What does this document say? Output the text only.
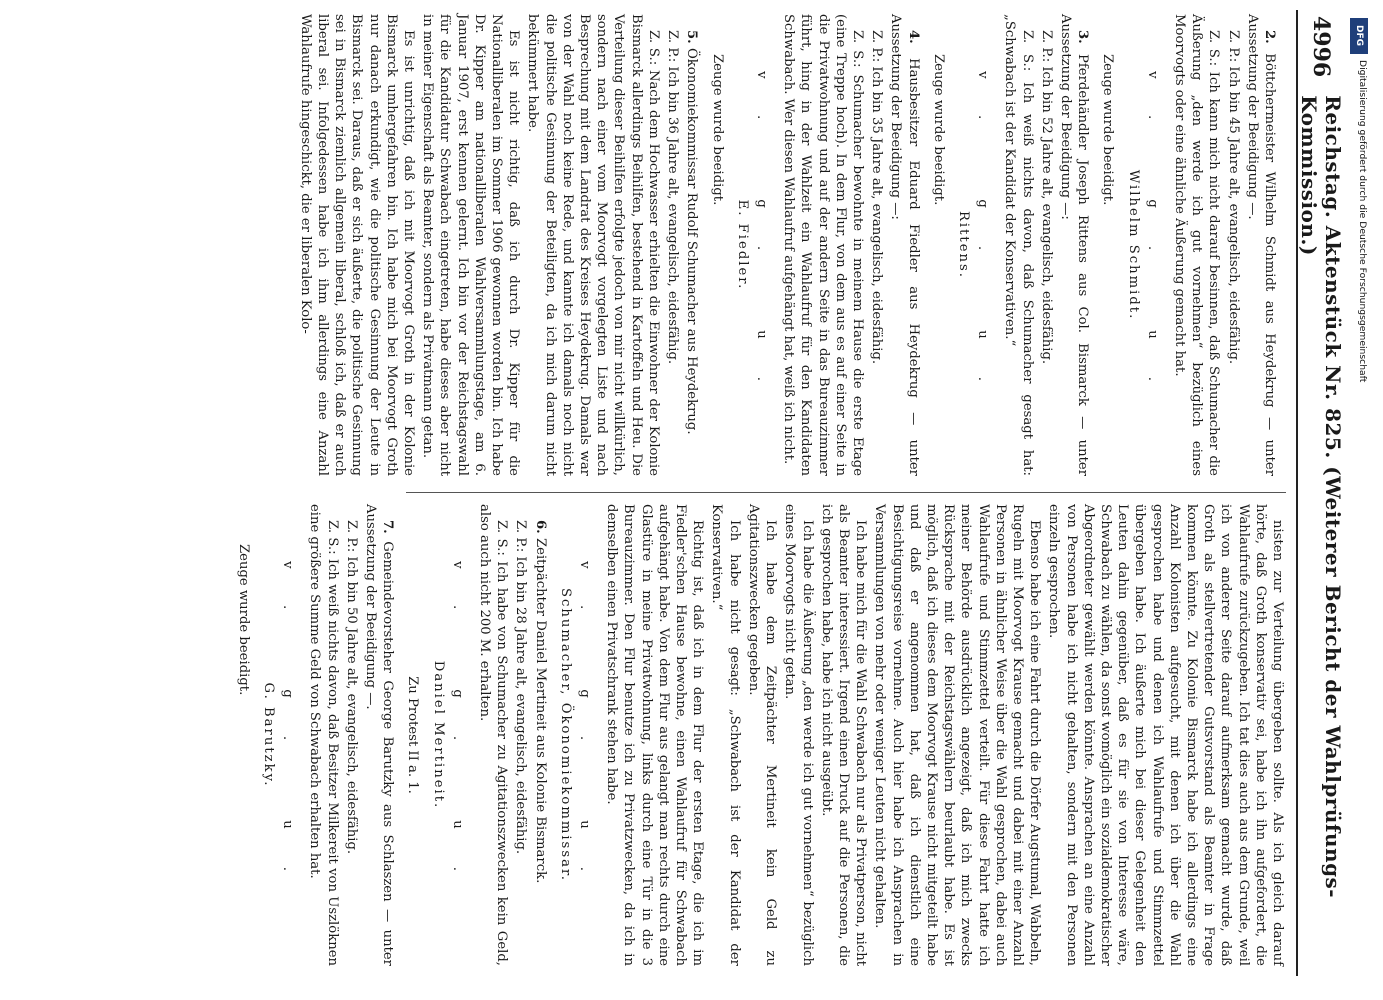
4996
Reichstag. Aktenstück Nr. 825. (Weiterer Bericht der Wahlprüfungs-Kommission.)
2. Böttchermeister Wilhelm Schmidt aus Heydekrug — unter Aussetzung der Beeidigung —.
Z. P.: Ich bin 45 Jahre alt, evangelisch, eidesfähig.
Z. S.: Ich kann mich nicht darauf besinnen, daß Schumacher die Äußerung „den werde ich gut vornehmen“ bezüglich eines Moorvogts oder eine ähnliche Äußerung gemacht hat.
v. g. u.
Wilhelm Schmidt.
Zeuge wurde beeidigt.
3. Pferdehändler Joseph Rittens aus Col. Bismarck — unter Aussetzung der Beeidigung —:
Z. P.: Ich bin 52 Jahre alt, evangelisch, eidesfähig.
Z. S.: Ich weiß nichts davon, daß Schumacher gesagt hat: „Schwabach ist der Kandidat der Konservativen.“
v. g. u.
Rittens.
Zeuge wurde beeidigt.
4. Hausbesitzer Eduard Fiedler aus Heydekrug — unter Aussetzung der Beeidigung —:
Z. P.: Ich bin 35 Jahre alt, evangelisch, eidesfähig.
Z. S.: Schumacher bewohnte in meinem Hause die erste Etage (eine Treppe hoch). In dem Flur, von dem aus es auf einer Seite in die Privatwohnung und auf der andern Seite in das Bureauzimmer führt, hing in der Wahlzeit ein Wahlaufruf für den Kandidaten Schwabach. Wer diesen Wahlaufruf aufgehängt hat, weiß ich nicht.
v. g. u.
E. Fiedler.
Zeuge wurde beeidigt.
5. Ökonomiekommissar Rudolf Schumacher aus Heydekrug.
Z. P.: Ich bin 36 Jahre alt, evangelisch, eidesfähig.
Z. S.: Nach dem Hochwasser erhielten die Einwohner der Kolonie Bismarck allerdings Beihilfen, bestehend in Kartoffeln und Heu. Die Verteilung dieser Beihilfen erfolgte jedoch von mir nicht willkürlich, sondern nach einer vom Moorvogt vorgelegten Liste und nach Besprechung mit dem Landrat des Kreises Heydekrug. Damals war von der Wahl noch keine Rede, und kannte ich damals noch nicht die politische Gesinnung der Beteiligten, da ich mich darum nicht bekümmert habe.
Es ist nicht richtig, daß ich durch Dr. Kipper für die Nationalliberalen im Sommer 1906 gewonnen worden bin. Ich habe Dr. Kipper am nationalliberalen Wahlversammlungstage, am 6. Januar 1907, erst kennen gelernt. Ich bin vor der Reichstagswahl für die Kandidatur Schwabach eingetreten, habe dieses aber nicht in meiner Eigenschaft als Beamter, sondern als Privatmann getan.
Es ist unrichtig, daß ich mit Moorvogt Groth in der Kolonie Bismarck umhergefahren bin. Ich habe mich bei Moorvogt Groth nur danach erkundigt, wie die politische Gesinnung der Leute in Bismarck sei. Daraus, daß er sich äußerte, die politische Gesinnung sei in Bismarck ziemlich allgemein liberal, schloß ich, daß er auch liberal sei. Infolgedessen habe ich ihm allerdings eine Anzahl Wahlaufrufe hingeschickt, die er liberalen Kolo-
nisten zur Verteilung übergeben sollte. Als ich gleich darauf hörte, daß Groth konservativ sei, habe ich ihn aufgefordert, die Wahlaufrufe zurückzugeben. Ich tat dies auch aus dem Grunde, weil ich von anderer Seite darauf aufmerksam gemacht wurde, daß Groth als stellvertretender Gutsvorstand als Beamter in Frage kommen könnte. Zu Kolonie Bismarck habe ich allerdings eine Anzahl Kolonisten aufgesucht, mit denen ich über die Wahl gesprochen habe und denen ich Wahlaufrufe und Stimmzettel übergeben habe. Ich äußerte mich bei dieser Gelegenheit den Leuten dahin gegenüber, daß es für sie von Interesse wäre, Schwabach zu wählen, da sonst womöglich ein sozialdemokratischer Abgeordneter gewählt werden könnte. Ansprachen an eine Anzahl von Personen habe ich nicht gehalten, sondern mit den Personen einzeln gesprochen.
Ebenso habe ich eine Fahrt durch die Dörfer Augstumal, Wabbeln, Rugeln mit Moorvogt Krause gemacht und dabei mit einer Anzahl Personen in ähnlicher Weise über die Wahl gesprochen, dabei auch Wahlaufrufe und Stimmzettel verteilt. Für diese Fahrt hatte ich meiner Behörde ausdrücklich angezeigt, daß ich mich zwecks Rücksprache mit der Reichstagswählern beurlaubt habe. Es ist möglich, daß ich dieses dem Moorvogt Krause nicht mitgeteilt habe und daß er angenommen hat, daß ich dienstlich eine Besichtigungsreise vornehme. Auch hier habe ich Ansprachen in Versammlungen von mehr oder weniger Leuten nicht gehalten.
Ich habe mich für die Wahl Schwabach nur als Privatperson, nicht als Beamter interessiert. Irgend einen Druck auf die Personen, die ich gesprochen habe, habe ich nicht ausgeübt.
Ich habe die Äußerung „den werde ich gut vornehmen“ bezüglich eines Moorvogts nicht getan.
Ich habe dem Zeitpächter Mertineit kein Geld zu Agitationszwecken gegeben.
Ich habe nicht gesagt: „Schwabach ist der Kandidat der Konservativen.“
Richtig ist, daß ich in dem Flur der ersten Etage, die ich im Fiedler'schen Hause bewohne, einen Wahlaufruf für Schwabach aufgehängt habe. Von dem Flur aus gelangt man rechts durch eine Glastüre in meine Privatwohnung, links durch eine Tür in die 3 Bureauzimmer. Den Flur benutze ich zu Privatzwecken, da ich in demselben einen Privatschrank stehen habe.
v. g. u.
Schumacher, Ökonomiekommissar.
6. Zeitpächter Daniel Mertineit aus Kolonie Bismarck.
Z. P.: Ich bin 28 Jahre alt, evangelisch, eidesfähig.
Z. S.: Ich habe von Schumacher zu Agitationszwecken kein Geld, also auch nicht 200 M. erhalten.
v. g. u.
Daniel Mertineit.
Zu Protest II a. 1.
7. Gemeindevorsteher George Barutzky aus Schlaszen — unter Aussetzung der Beeidigung —.
Z. P.: Ich bin 50 Jahre alt, evangelisch, eidesfähig.
Z. S.: Ich weiß nichts davon, daß Besitzer Milkereit von Uszlöknen eine größere Summe Geld von Schwabach erhalten hat.
v. g. u.
G. Barutzky.
Zeuge wurde beeidigt.
DFG
Digitalisierung gefördert durch die Deutsche Forschungsgemeinschaft
